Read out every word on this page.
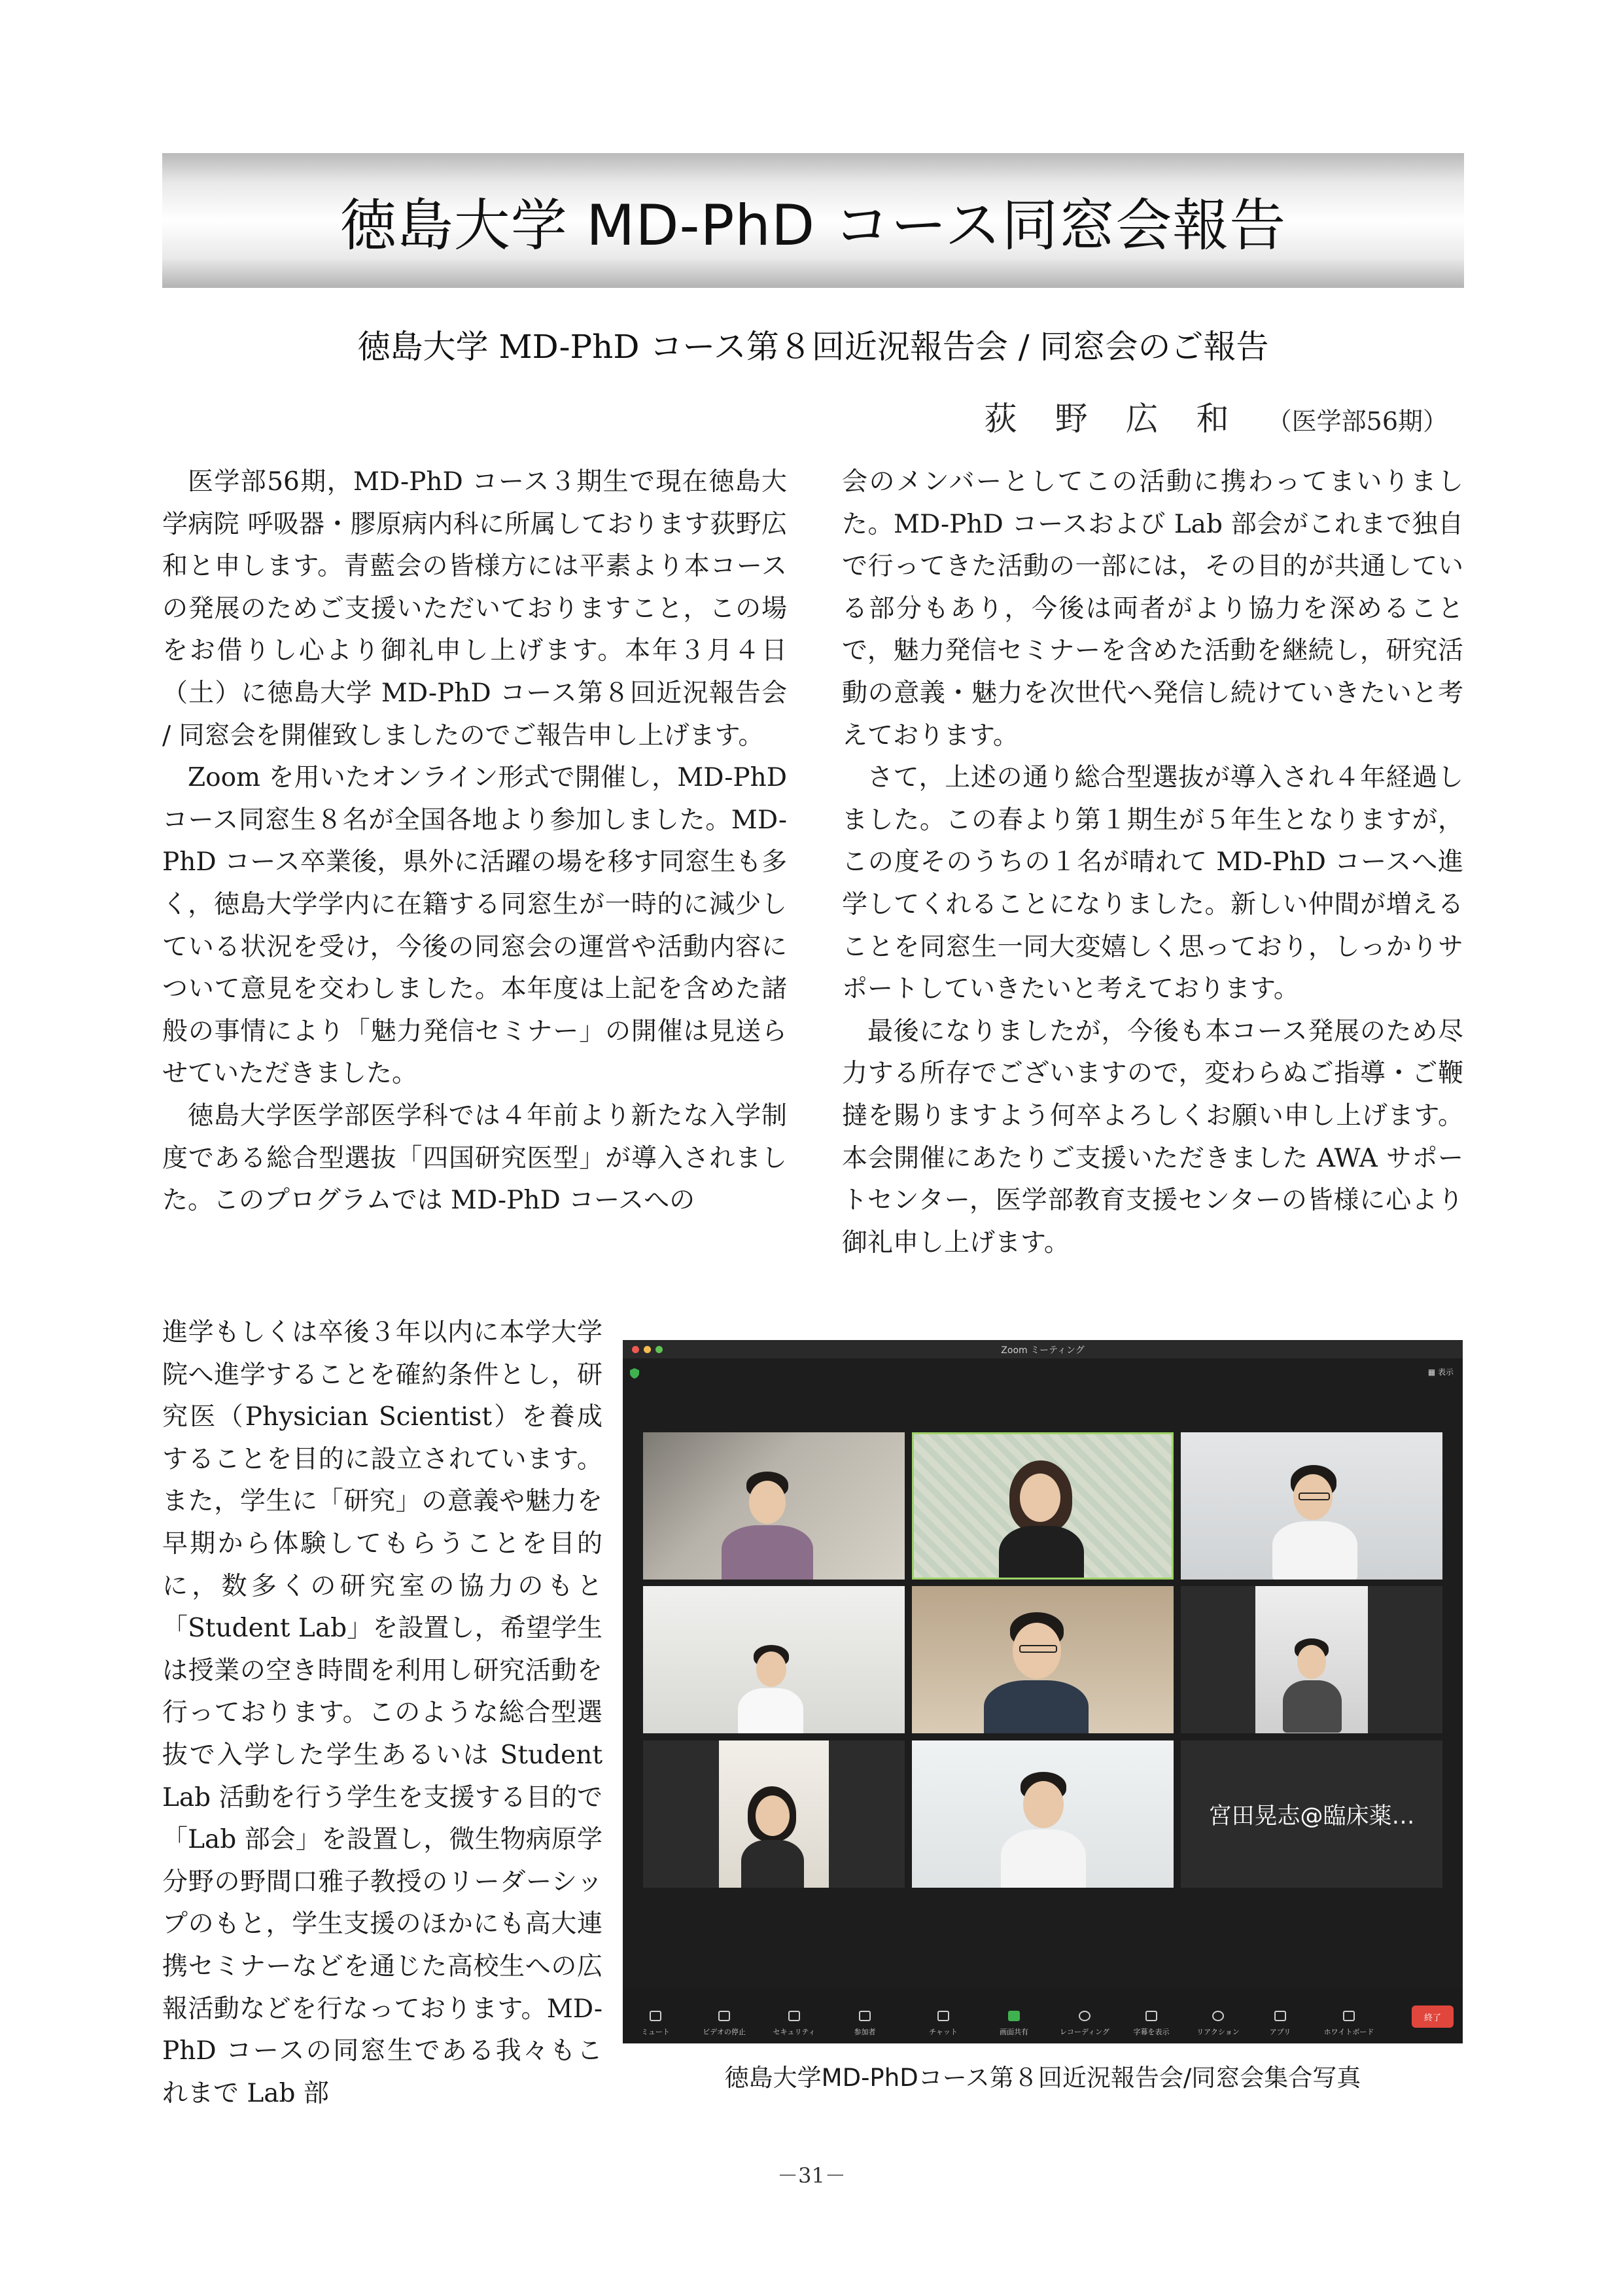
徳島大学 MD-PhD コース同窓会報告
徳島大学 MD-PhD コース第８回近況報告会 / 同窓会のご報告
荻野広和（医学部56期）

医学部56期，MD-PhD コース３期生で現在徳島大学病院 呼吸器・膠原病内科に所属しております荻野広和と申します。青藍会の皆様方には平素より本コースの発展のためご支援いただいておりますこと，この場をお借りし心より御礼申し上げます。本年３月４日（土）に徳島大学 MD-PhD コース第８回近況報告会 / 同窓会を開催致しましたのでご報告申し上げます。

Zoom を用いたオンライン形式で開催し，MD-PhD コース同窓生８名が全国各地より参加しました。MD-PhD コース卒業後，県外に活躍の場を移す同窓生も多く，徳島大学学内に在籍する同窓生が一時的に減少している状況を受け，今後の同窓会の運営や活動内容について意見を交わしました。本年度は上記を含めた諸般の事情により「魅力発信セミナー」の開催は見送らせていただきました。

徳島大学医学部医学科では４年前より新たな入学制度である総合型選抜「四国研究医型」が導入されました。このプログラムでは MD-PhD コースへの

進学もしくは卒後３年以内に本学大学院へ進学することを確約条件とし，研究医（Physician Scientist）を養成することを目的に設立されています。また，学生に「研究」の意義や魅力を早期から体験してもらうことを目的に，数多くの研究室の協力のもと「Student Lab」を設置し，希望学生は授業の空き時間を利用し研究活動を行っております。このような総合型選抜で入学した学生あるいは Student Lab 活動を行う学生を支援する目的で「Lab 部会」を設置し，微生物病原学分野の野間口雅子教授のリーダーシップのもと，学生支援のほかにも高大連携セミナーなどを通じた高校生への広報活動などを行なっております。MD-PhD コースの同窓生である我々もこれまで Lab 部

会のメンバーとしてこの活動に携わってまいりました。MD-PhD コースおよび Lab 部会がこれまで独自で行ってきた活動の一部には，その目的が共通している部分もあり，今後は両者がより協力を深めることで，魅力発信セミナーを含めた活動を継続し，研究活動の意義・魅力を次世代へ発信し続けていきたいと考えております。

さて，上述の通り総合型選抜が導入され４年経過しました。この春より第１期生が５年生となりますが，この度そのうちの１名が晴れて MD-PhD コースへ進学してくれることになりました。新しい仲間が増えることを同窓生一同大変嬉しく思っており，しっかりサポートしていきたいと考えております。

最後になりましたが，今後も本コース発展のため尽力する所存でございますので，変わらぬご指導・ご鞭撻を賜りますよう何卒よろしくお願い申し上げます。本会開催にあたりご支援いただきました AWA サポートセンター，医学部教育支援センターの皆様に心より御礼申し上げます。

Zoom ミーティング
▦ 表示
宮田晃志@臨床薬…
ミュート	ビデオの停止	セキュリティ	参加者	チャット	画面共有	レコーディング	字幕を表示	リアクション	アプリ	ホワイトボード
終了
徳島大学MD-PhDコース第８回近況報告会/同窓会集合写真
－31－
